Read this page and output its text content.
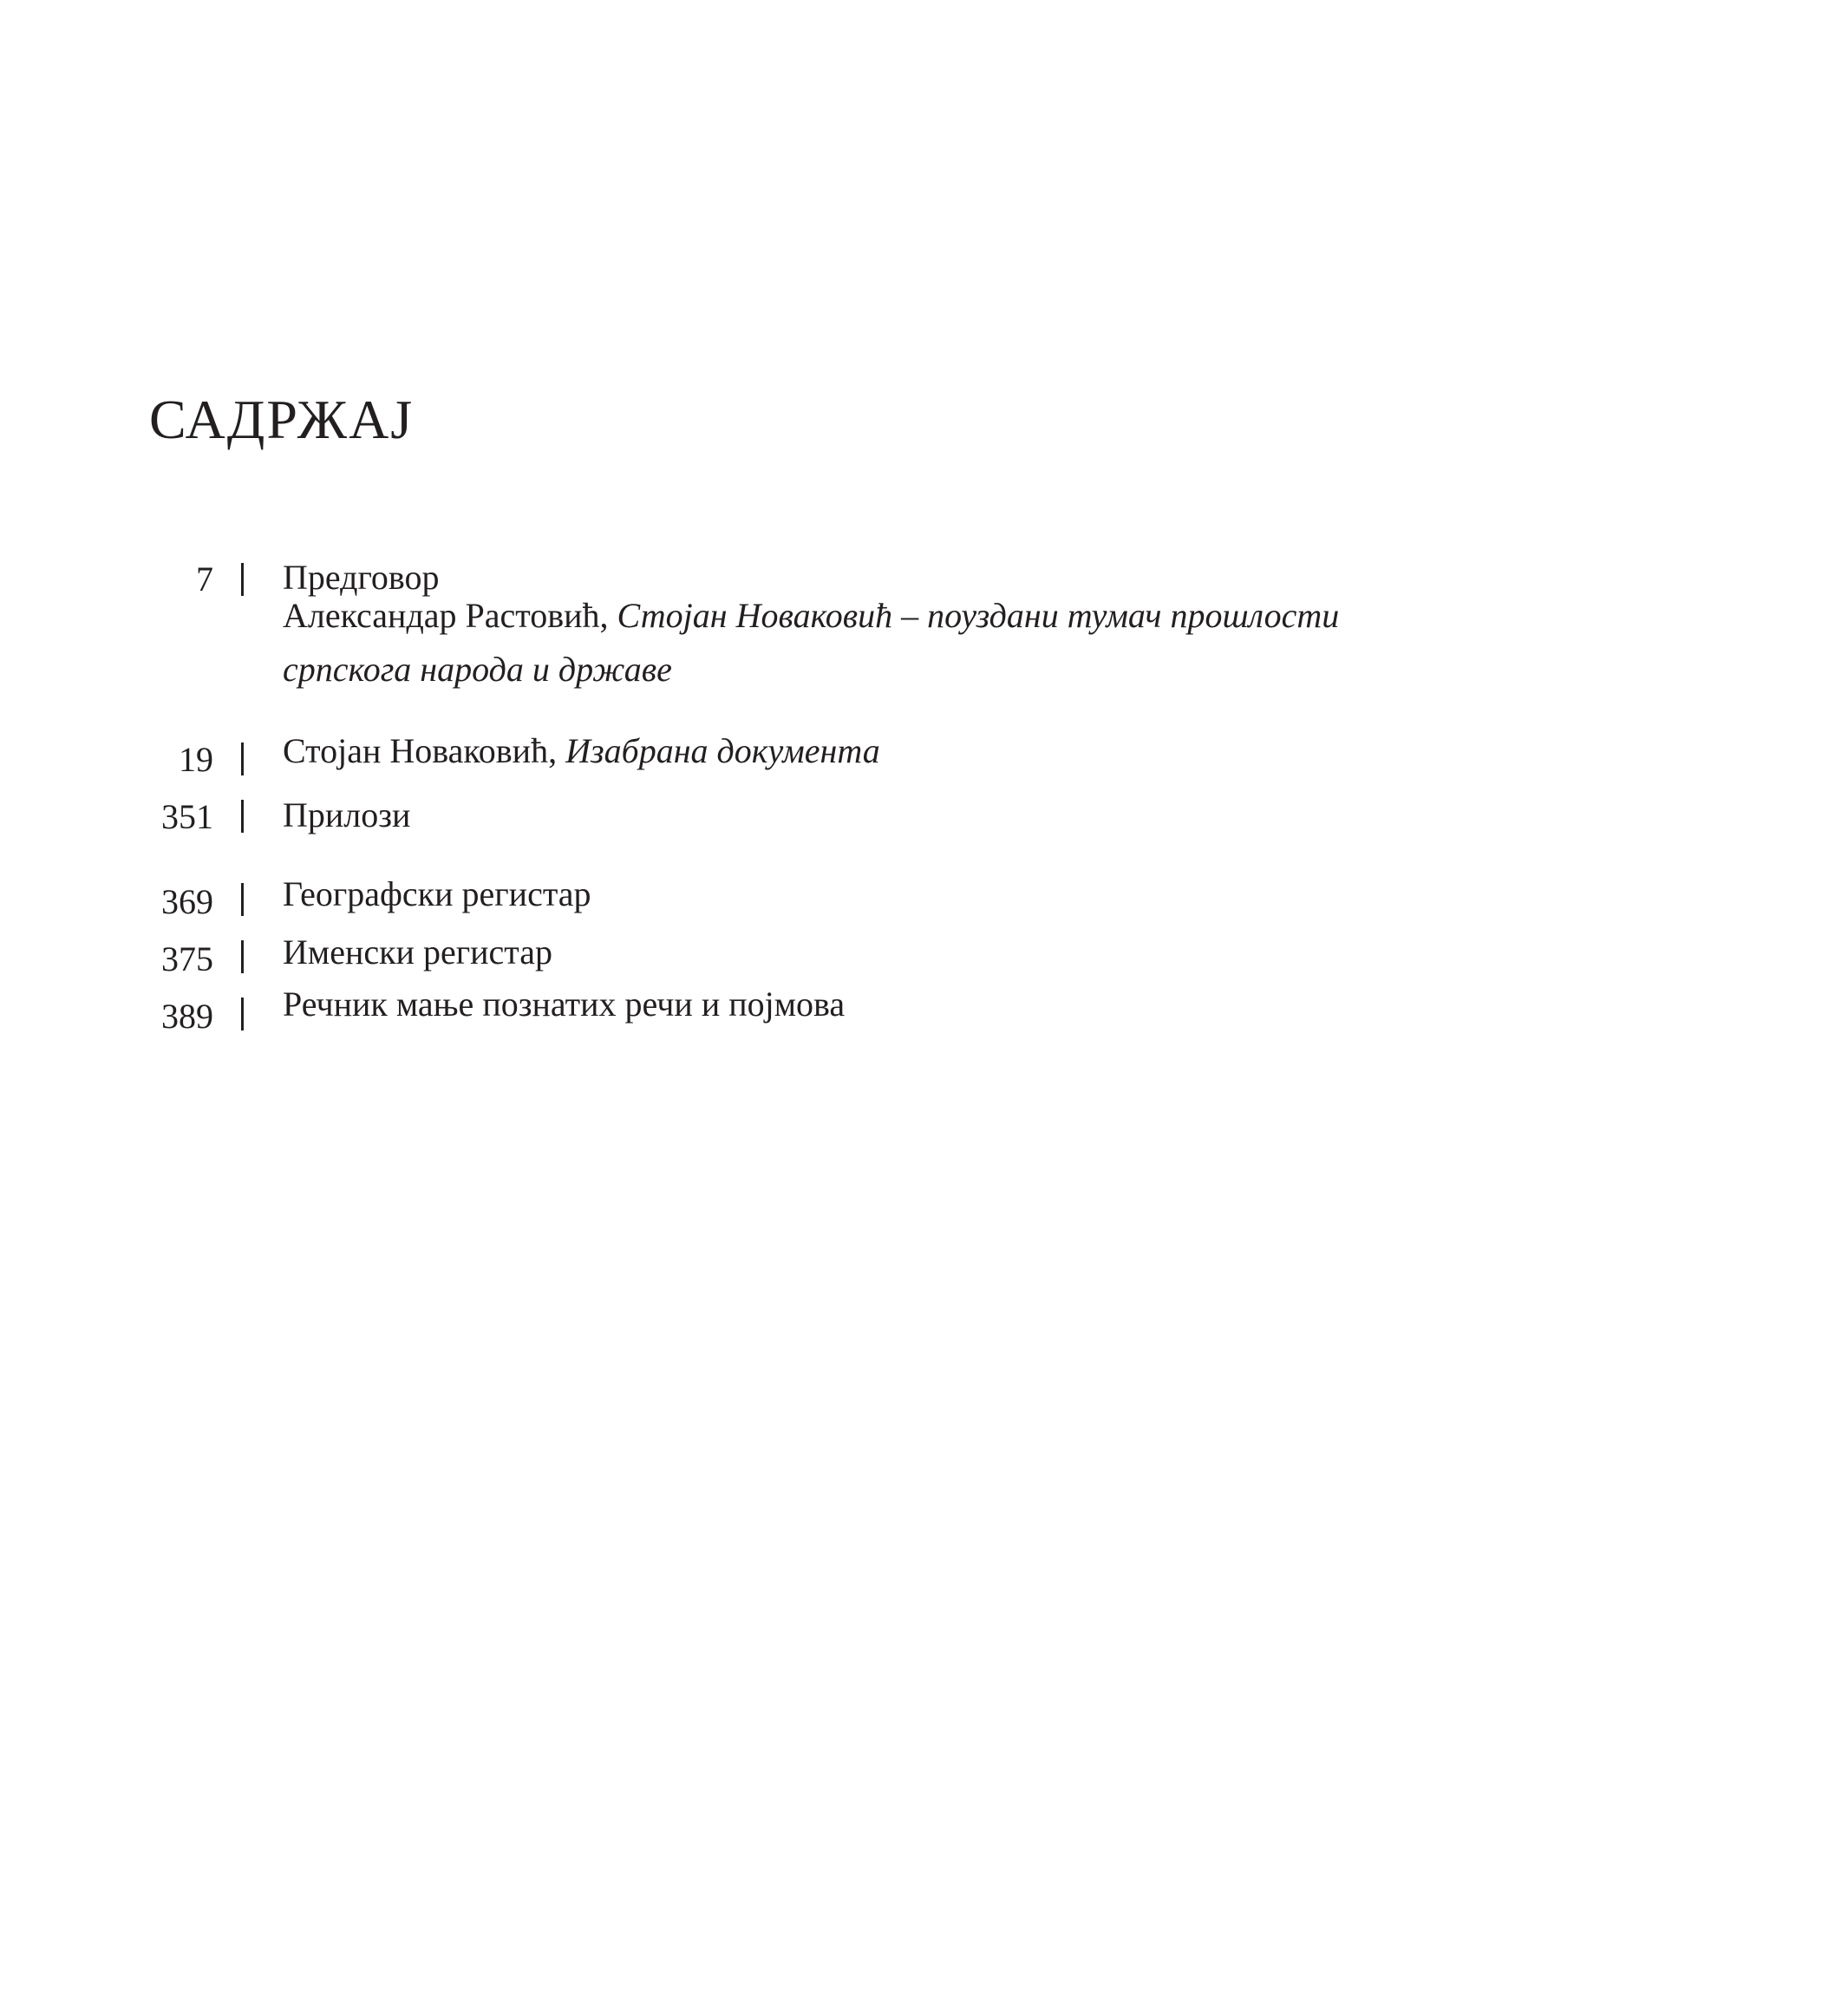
САДРЖАЈ
7 Предговор
Александар Растовић, Стојан Новаковић – поуздани тумач прошлости
српскога народа и државе
19 Стојан Новаковић, Изабрана документа
351 Прилози
369 Географски регистар
375 Именски регистар
389 Речник мање познатих речи и појмова
